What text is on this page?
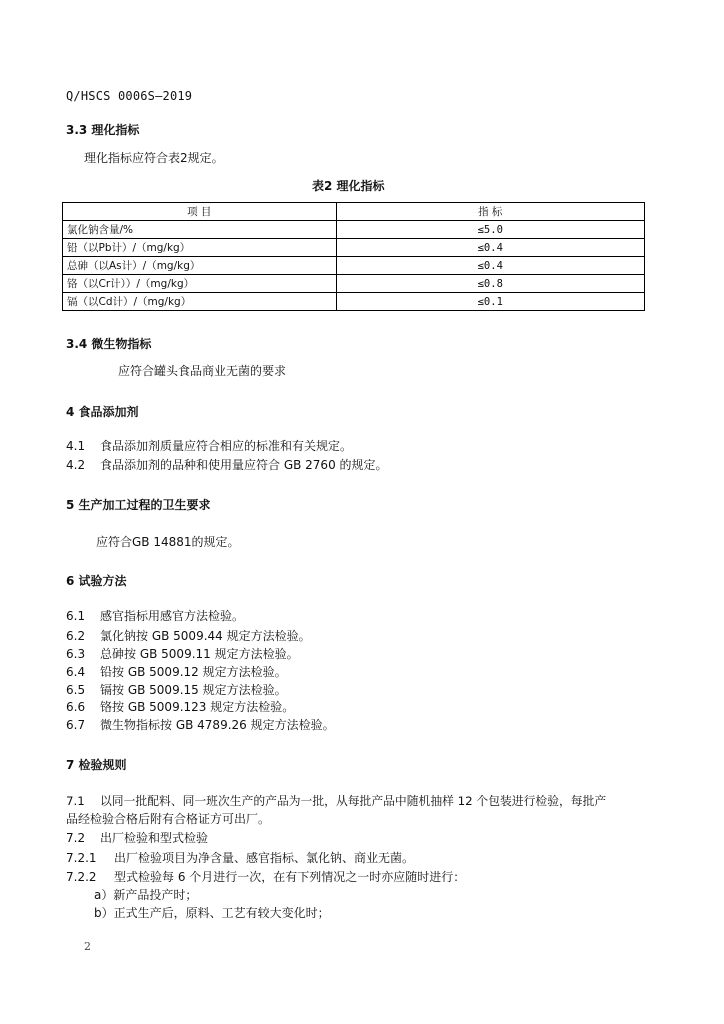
Q/HSCS 0006S—2019
3.3 理化指标
理化指标应符合表2规定。
表2 理化指标
项 目	指 标
氯化钠含量/%	≤5.0
铅（以Pb计）/（mg/kg）	≤0.4
总砷（以As计）/（mg/kg）	≤0.4
铬（以Cr计））/（mg/kg）	≤0.8
镉（以Cd计）/（mg/kg）	≤0.1
3.4 微生物指标
应符合罐头食品商业无菌的要求
4 食品添加剂
4.1 食品添加剂质量应符合相应的标准和有关规定。
4.2 食品添加剂的品种和使用量应符合 GB 2760 的规定。
5 生产加工过程的卫生要求
应符合GB 14881的规定。
6 试验方法
6.1 感官指标用感官方法检验。
6.2 氯化钠按 GB 5009.44 规定方法检验。
6.3 总砷按 GB 5009.11 规定方法检验。
6.4 铅按 GB 5009.12 规定方法检验。
6.5 镉按 GB 5009.15 规定方法检验。
6.6 铬按 GB 5009.123 规定方法检验。
6.7 微生物指标按 GB 4789.26 规定方法检验。
7 检验规则
7.1 以同一批配料、同一班次生产的产品为一批，从每批产品中随机抽样 12 个包装进行检验，每批产
品经检验合格后附有合格证方可出厂。
7.2 出厂检验和型式检验
7.2.1 出厂检验项目为净含量、感官指标、氯化钠、商业无菌。
7.2.2 型式检验每 6 个月进行一次，在有下列情况之一时亦应随时进行：
a）新产品投产时；
b）正式生产后，原料、工艺有较大变化时；
2
